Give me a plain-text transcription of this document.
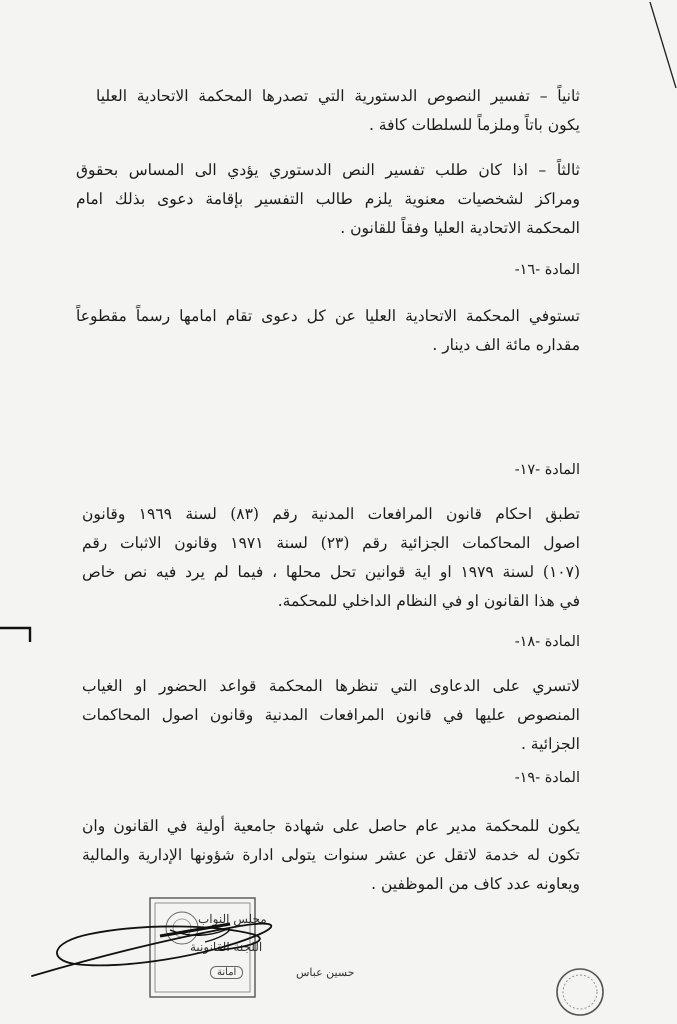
ثانياً – تفسير النصوص الدستورية التي تصدرها المحكمة الاتحادية العليا
يكون باتاً وملزماً للسلطات كافة .
ثالثاً – اذا كان طلب تفسير النص الدستوري يؤدي الى المساس بحقوق
ومراكز لشخصيات معنوية يلزم طالب التفسير بإقامة دعوى بذلك امام
المحكمة الاتحادية العليا وفقاً للقانون .
المادة -١٦-
تستوفي المحكمة الاتحادية العليا عن كل دعوى تقام امامها رسماً مقطوعاً
مقداره مائة الف دينار .
المادة -١٧-
تطبق احكام قانون المرافعات المدنية رقم (٨٣) لسنة ١٩٦٩ وقانون
اصول المحاكمات الجزائية رقم (٢٣) لسنة ١٩٧١ وقانون الاثبات رقم
(١٠٧) لسنة ١٩٧٩ او اية قوانين تحل محلها ، فيما لم يرد فيه نص خاص
في هذا القانون او في النظام الداخلي للمحكمة.
المادة -١٨-
لاتسري على الدعاوى التي تنظرها المحكمة قواعد الحضور او الغياب
المنصوص عليها في قانون المرافعات المدنية وقانون اصول المحاكمات
الجزائية .
المادة -١٩-
يكون للمحكمة مدير عام حاصل على شهادة جامعية أولية في القانون وان
تكون له خدمة لاتقل عن عشر سنوات يتولى ادارة شؤونها الإدارية والمالية
ويعاونه عدد كاف من الموظفين .
مجلس النواب
اللجنة القانونية
امانة	حسين عباس
